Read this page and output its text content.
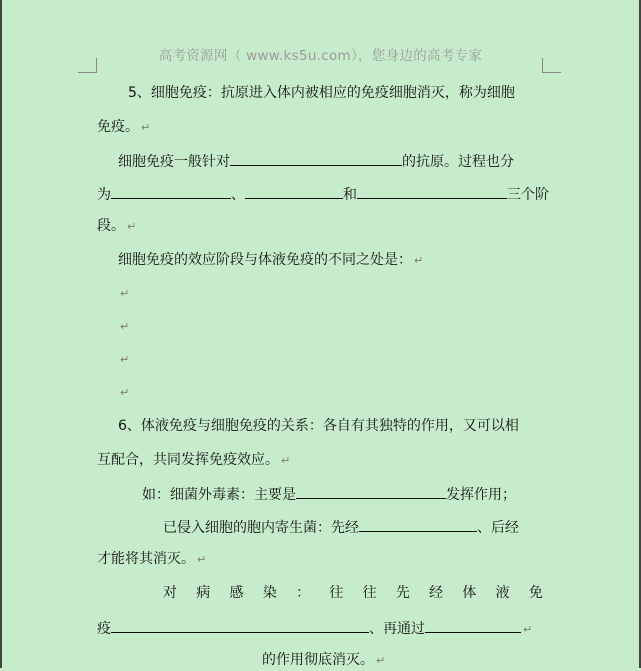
高考资源网（ www.ks5u.com），您身边的高考专家
5、细胞免疫：抗原进入体内被相应的免疫细胞消灭，称为细胞
免疫。 ↵
细胞免疫一般针对	的抗原。过程也分
为	、	和	三个阶
段。 ↵
细胞免疫的效应阶段与体液免疫的不同之处是： ↵
↵
↵
↵
↵
6、体液免疫与细胞免疫的关系：各自有其独特的作用，又可以相
互配合，共同发挥免疫效应。 ↵
如：细菌外毒素：主要是	发挥作用；
已侵入细胞的胞内寄生菌：先经	、后经
才能将其消灭。 ↵
对 病 感 染 ： 往 往 先 经 体 液 免
疫	、再通过	↵
的作用彻底消灭。 ↵
